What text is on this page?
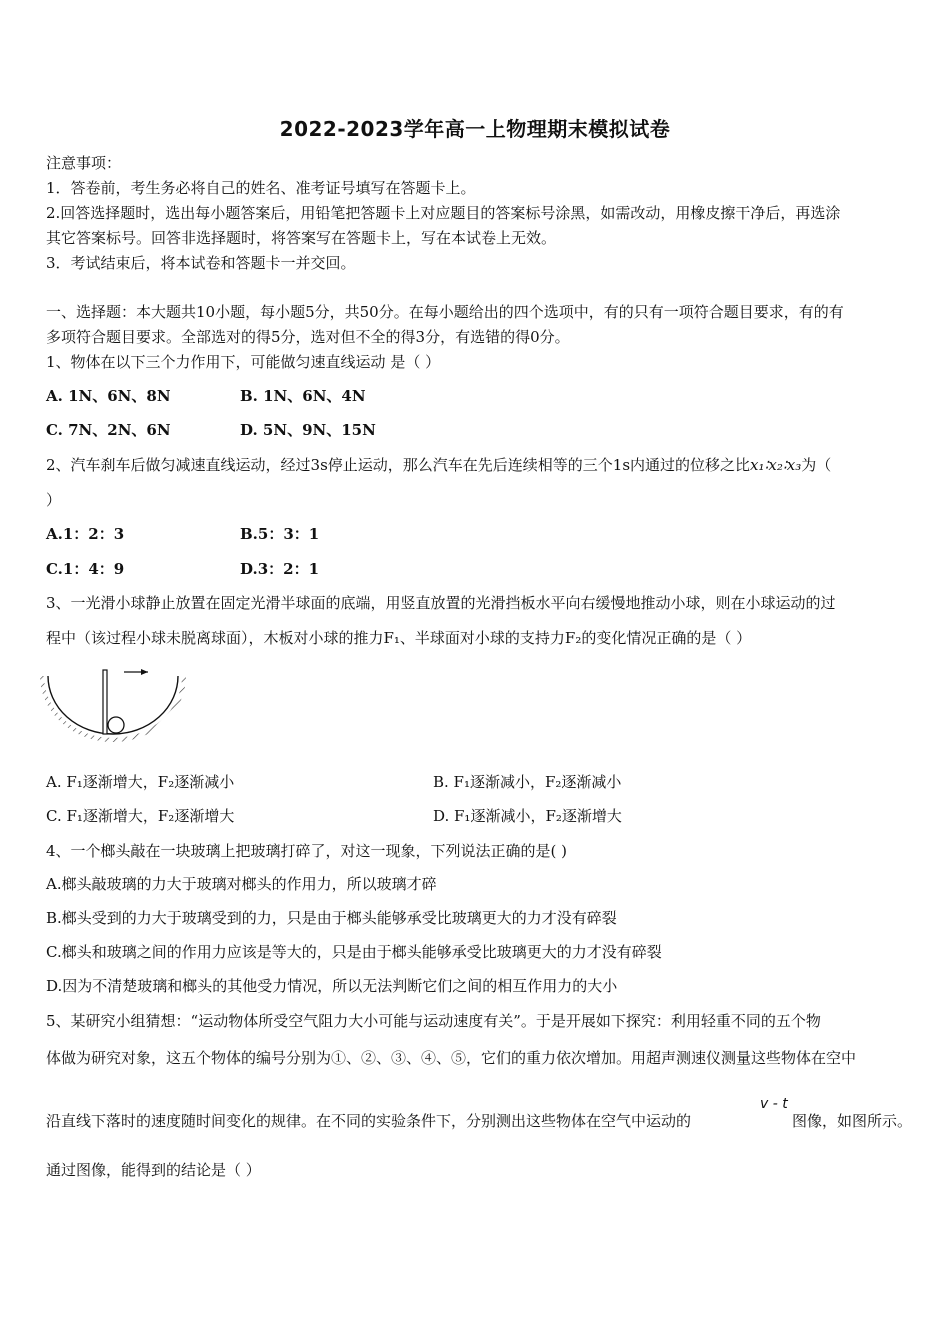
2022-2023学年高一上物理期末模拟试卷
注意事项：
1．答卷前，考生务必将自己的姓名、准考证号填写在答题卡上。
2.回答选择题时，选出每小题答案后，用铅笔把答题卡上对应题目的答案标号涂黑，如需改动，用橡皮擦干净后，再选涂
其它答案标号。回答非选择题时，将答案写在答题卡上，写在本试卷上无效。
3．考试结束后，将本试卷和答题卡一并交回。
一、选择题：本大题共10小题，每小题5分，共50分。在每小题给出的四个选项中，有的只有一项符合题目要求，有的有
多项符合题目要求。全部选对的得5分，选对但不全的得3分，有选错的得0分。
1、物体在以下三个力作用下，可能做匀速直线运动 是（ ）
A. 1N、6N、8N	B. 1N、6N、4N
C. 7N、2N、6N	D. 5N、9N、15N
2、汽车刹车后做匀减速直线运动，经过3s停止运动，那么汽车在先后连续相等的三个1s内通过的位移之比x₁∶x₂∶x₃为（
）
A.1：2：3	B.5：3：1
C.1：4：9	D.3：2：1
3、一光滑小球静止放置在固定光滑半球面的底端，用竖直放置的光滑挡板水平向右缓慢地推动小球，则在小球运动的过
程中（该过程小球未脱离球面），木板对小球的推力F₁、半球面对小球的支持力F₂的变化情况正确的是（ ）
A. F₁逐渐增大，F₂逐渐减小	B. F₁逐渐减小，F₂逐渐减小
C. F₁逐渐增大，F₂逐渐增大	D. F₁逐渐减小，F₂逐渐增大
4、一个榔头敲在一块玻璃上把玻璃打碎了，对这一现象，下列说法正确的是( )
A.榔头敲玻璃的力大于玻璃对榔头的作用力，所以玻璃才碎
B.榔头受到的力大于玻璃受到的力，只是由于榔头能够承受比玻璃更大的力才没有碎裂
C.榔头和玻璃之间的作用力应该是等大的，只是由于榔头能够承受比玻璃更大的力才没有碎裂
D.因为不清楚玻璃和榔头的其他受力情况，所以无法判断它们之间的相互作用力的大小
5、某研究小组猜想：“运动物体所受空气阻力大小可能与运动速度有关”。于是开展如下探究：利用轻重不同的五个物
体做为研究对象，这五个物体的编号分别为①、②、③、④、⑤，它们的重力依次增加。用超声测速仪测量这些物体在空中
沿直线下落时的速度随时间变化的规律。在不同的实验条件下，分别测出这些物体在空气中运动的
v - t
图像，如图所示。
通过图像，能得到的结论是（ ）
